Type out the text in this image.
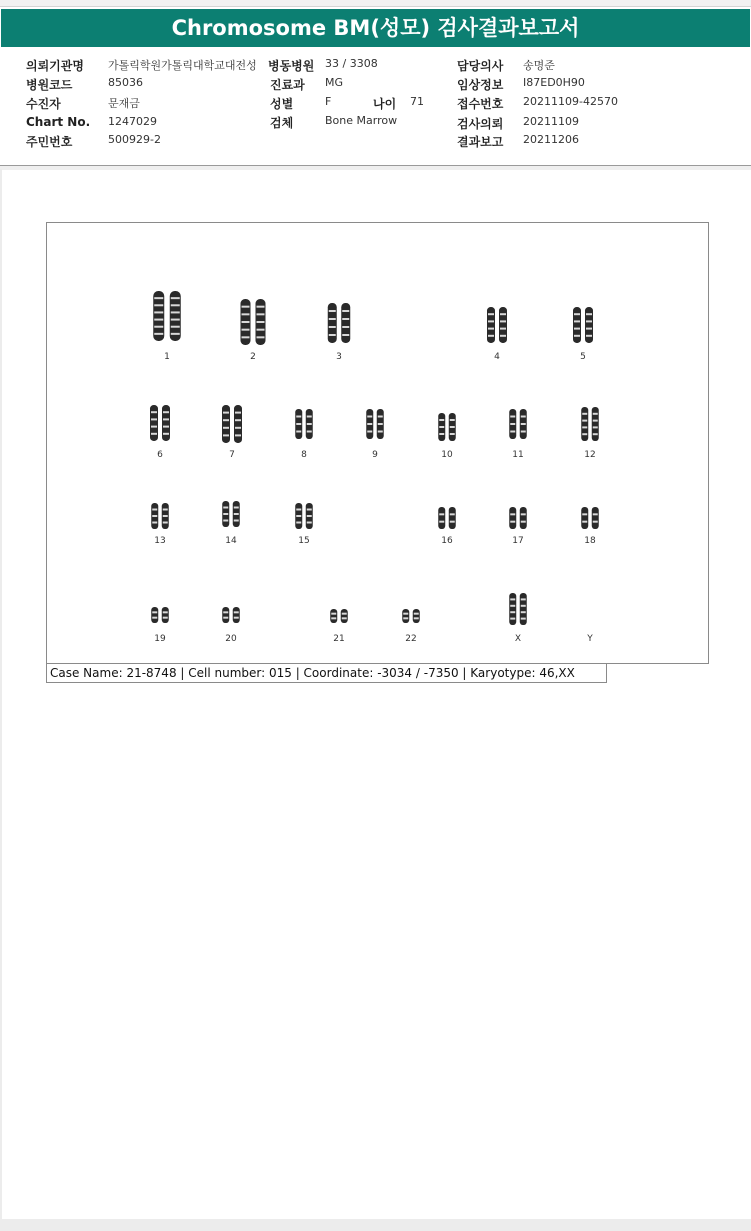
Chromosome BM(성모) 검사결과보고서
의뢰기관명 가톨릭학원가톨릭대학교대전성 병동병원 33 / 3308	담당의사 송명준
병원코드	85036	진료과 MG	임상정보 I87ED0H90
수진자	문재금	성별	F	나이 71	접수번호 20211109-42570
Chart No. 1247029	검체	Bone Marrow	검사의뢰 20211109
주민번호	500929-2	결과보고 20211206
1	2	3	4	5
6	7	8	9	10	11	12
13	14	15	16	17	18
19	20	21	22	X	Y
Case Name: 21-8748 | Cell number: 015 | Coordinate: -3034 / -7350 | Karyotype: 46,XX
